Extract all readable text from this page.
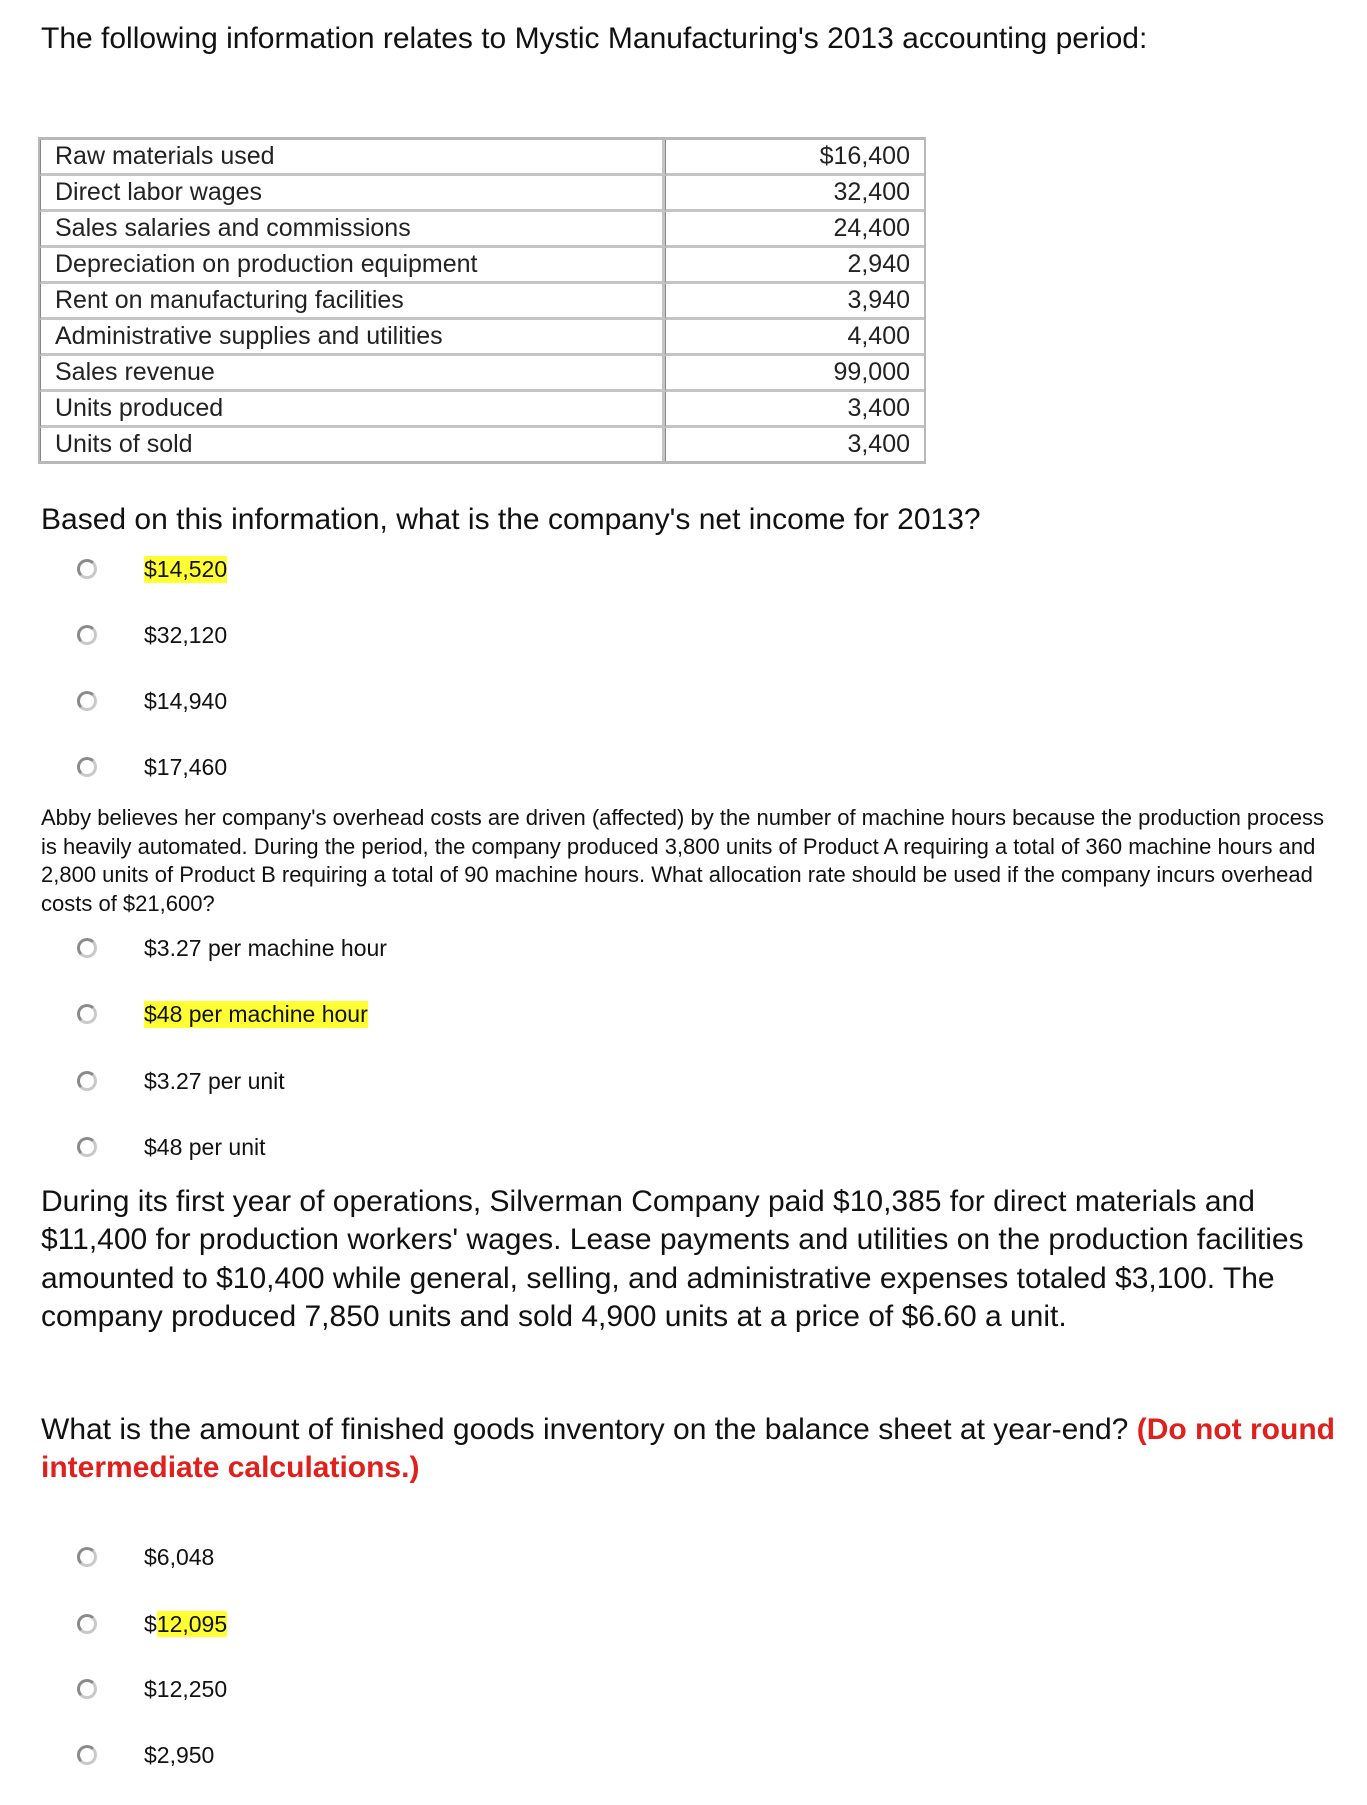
The following information relates to Mystic Manufacturing's 2013 accounting period:
Raw materials used	$16,400
Direct labor wages	32,400
Sales salaries and commissions	24,400
Depreciation on production equipment	2,940
Rent on manufacturing facilities	3,940
Administrative supplies and utilities	4,400
Sales revenue	99,000
Units produced	3,400
Units of sold	3,400
Based on this information, what is the company's net income for 2013?
$14,520
$32,120
$14,940
$17,460
Abby believes her company's overhead costs are driven (affected) by the number of machine hours because the production process is heavily automated. During the period, the company produced 3,800 units of Product A requiring a total of 360 machine hours and 2,800 units of Product B requiring a total of 90 machine hours. What allocation rate should be used if the company incurs overhead costs of $21,600?
$3.27 per machine hour
$48 per machine hour
$3.27 per unit
$48 per unit
During its first year of operations, Silverman Company paid $10,385 for direct materials and $11,400 for production workers' wages. Lease payments and utilities on the production facilities amounted to $10,400 while general, selling, and administrative expenses totaled $3,100. The company produced 7,850 units and sold 4,900 units at a price of $6.60 a unit.
What is the amount of finished goods inventory on the balance sheet at year-end? (Do not round intermediate calculations.)
$6,048
$12,095
$12,250
$2,950
